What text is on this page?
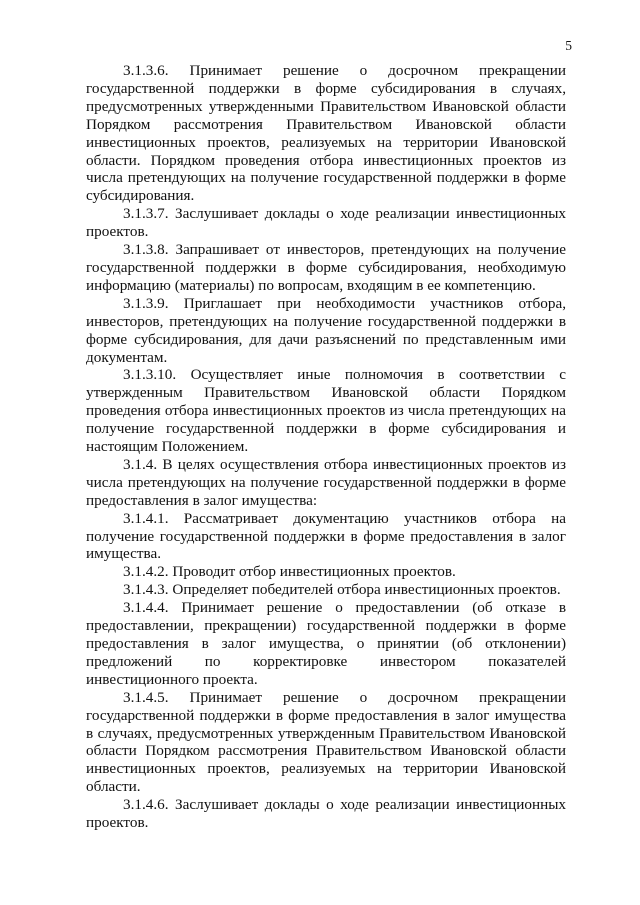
5

3.1.3.6. Принимает решение о досрочном прекращении государственной поддержки в форме субсидирования в случаях, предусмотренных утвержденными Правительством Ивановской области Порядком рассмотрения Правительством Ивановской области инвестиционных проектов, реализуемых на территории Ивановской области. Порядком проведения отбора инвестиционных проектов из числа претендующих на получение государственной поддержки в форме субсидирования.

3.1.3.7. Заслушивает доклады о ходе реализации инвестиционных проектов.

3.1.3.8. Запрашивает от инвесторов, претендующих на получение государственной поддержки в форме субсидирования, необходимую информацию (материалы) по вопросам, входящим в ее компетенцию.

3.1.3.9. Приглашает при необходимости участников отбора, инвесторов, претендующих на получение государственной поддержки в форме субсидирования, для дачи разъяснений по представленным ими документам.

3.1.3.10. Осуществляет иные полномочия в соответствии с утвержденным Правительством Ивановской области Порядком проведения отбора инвестиционных проектов из числа претендующих на получение государственной поддержки в форме субсидирования и настоящим Положением.

3.1.4. В целях осуществления отбора инвестиционных проектов из числа претендующих на получение государственной поддержки в форме предоставления в залог имущества:

3.1.4.1. Рассматривает документацию участников отбора на получение государственной поддержки в форме предоставления в залог имущества.

3.1.4.2. Проводит отбор инвестиционных проектов.

3.1.4.3. Определяет победителей отбора инвестиционных проектов.

3.1.4.4. Принимает решение о предоставлении (об отказе в предоставлении, прекращении) государственной поддержки в форме предоставления в залог имущества, о принятии (об отклонении) предложений по корректировке инвестором показателей инвестиционного проекта.

3.1.4.5. Принимает решение о досрочном прекращении государственной поддержки в форме предоставления в залог имущества в случаях, предусмотренных утвержденным Правительством Ивановской области Порядком рассмотрения Правительством Ивановской области инвестиционных проектов, реализуемых на территории Ивановской области.

3.1.4.6. Заслушивает доклады о ходе реализации инвестиционных проектов.
